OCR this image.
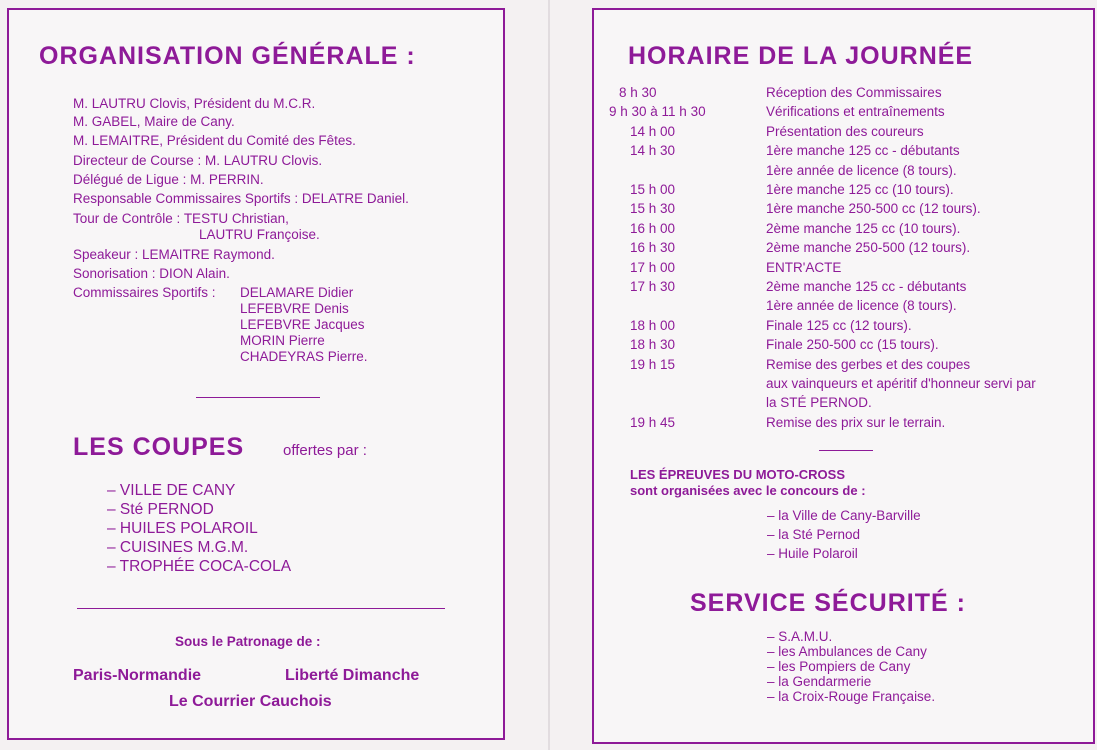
ORGANISATION GÉNÉRALE :
M. LAUTRU Clovis, Président du M.C.R.
M. GABEL, Maire de Cany.
M. LEMAITRE, Président du Comité des Fêtes.
Directeur de Course : M. LAUTRU Clovis.
Délégué de Ligue : M. PERRIN.
Responsable Commissaires Sportifs : DELATRE Daniel.
Tour de Contrôle : TESTU Christian,
LAUTRU Françoise.
Speakeur : LEMAITRE Raymond.
Sonorisation : DION Alain.
Commissaires Sportifs : DELAMARE Didier
LEFEBVRE Denis
LEFEBVRE Jacques
MORIN Pierre
CHADEYRAS Pierre.
LES COUPES	offertes par :
– VILLE DE CANY
– Sté PERNOD
– HUILES POLAROIL
– CUISINES M.G.M.
– TROPHÉE COCA-COLA
Sous le Patronage de :
Paris-Normandie	Liberté Dimanche
Le Courrier Cauchois
HORAIRE DE LA JOURNÉE
8 h 30	Réception des Commissaires
9 h 30 à 11 h 30	Vérifications et entraînements
14 h 00	Présentation des coureurs
14 h 30	1ère manche 125 cc - débutants
1ère année de licence (8 tours).
15 h 00	1ère manche 125 cc (10 tours).
15 h 30	1ère manche 250-500 cc (12 tours).
16 h 00	2ème manche 125 cc (10 tours).
16 h 30	2ème manche 250-500 (12 tours).
17 h 00	ENTR'ACTE
17 h 30	2ème manche 125 cc - débutants
1ère année de licence (8 tours).
18 h 00	Finale 125 cc (12 tours).
18 h 30	Finale 250-500 cc (15 tours).
19 h 15	Remise des gerbes et des coupes
aux vainqueurs et apéritif d'honneur servi par
la STÉ PERNOD.
19 h 45	Remise des prix sur le terrain.
LES ÉPREUVES DU MOTO-CROSS
sont organisées avec le concours de :
– la Ville de Cany-Barville
– la Sté Pernod
– Huile Polaroil
SERVICE SÉCURITÉ :
– S.A.M.U.
– les Ambulances de Cany
– les Pompiers de Cany
– la Gendarmerie
– la Croix-Rouge Française.
